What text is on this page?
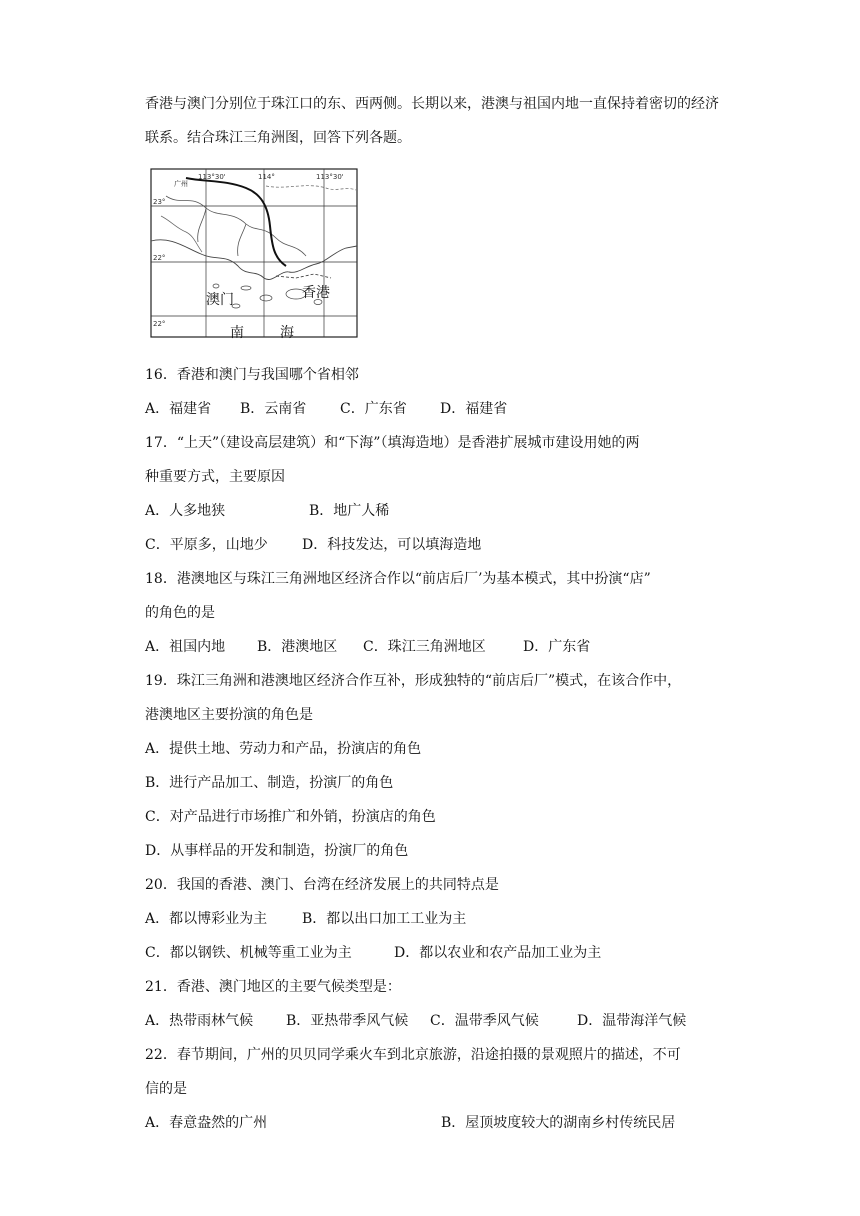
香港与澳门分别位于珠江口的东、西两侧。长期以来，港澳与祖国内地一直保持着密切的经济联系。结合珠江三角洲图，回答下列各题。

113°30'	114°	113°30'
23°
22°
22°
广州
澳门	香港
南	海

16．香港和澳门与我国哪个省相邻

A．福建省 B．云南省 C．广东省 D．福建省

17．“上天”（建设高层建筑）和“下海”（填海造地）是香港扩展城市建设用她的两

种重要方式，主要原因

A．人多地狭	B．地广人稀
C．平原多，山地少 D．科技发达，可以填海造地

18．港澳地区与珠江三角洲地区经济合作以“前店后厂’为基本模式，其中扮演“店”

的角色的是

A．祖国内地 B．港澳地区 C．珠江三角洲地区	D．广东省

19．珠江三角洲和港澳地区经济合作互补，形成独特的“前店后厂”模式，在该合作中，

港澳地区主要扮演的角色是

A．提供土地、劳动力和产品，扮演店的角色

B．进行产品加工、制造，扮演厂的角色

C．对产品进行市场推广和外销，扮演店的角色

D．从事样品的开发和制造，扮演厂的角色

20．我国的香港、澳门、台湾在经济发展上的共同特点是

A．都以博彩业为主 B．都以出口加工工业为主
C．都以钢铁、机械等重工业为主	D．都以农业和农产品加工业为主

21．香港、澳门地区的主要气候类型是：

A．热带雨林气候 B．亚热带季风气候 C．温带季风气候	D．温带海洋气候

22．春节期间，广州的贝贝同学乘火车到北京旅游，沿途拍摄的景观照片的描述，不可

信的是

A．春意盎然的广州	B．屋顶坡度较大的湖南乡村传统民居
